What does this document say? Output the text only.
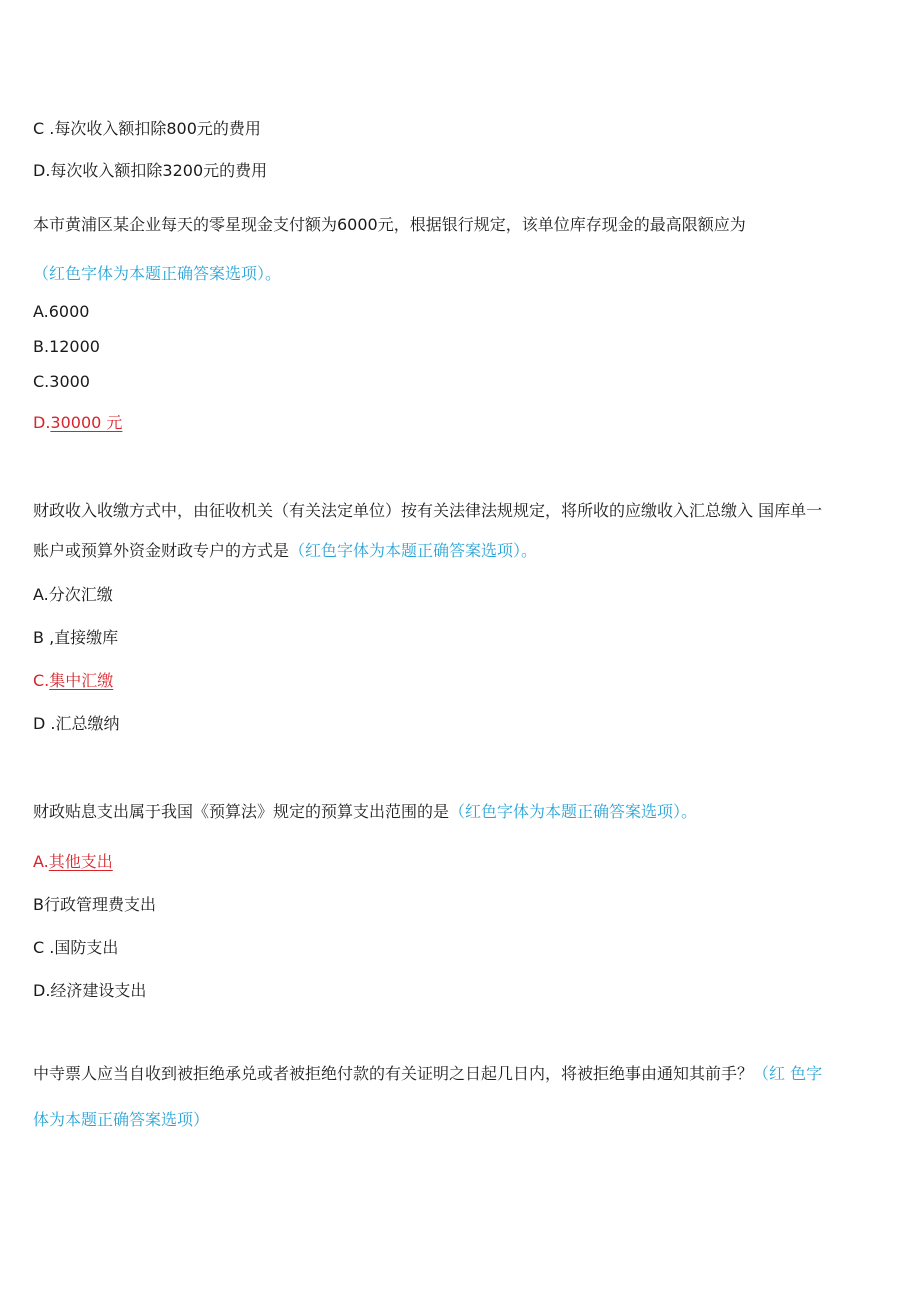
C .每次收入额扣除800元的费用
D.每次收入额扣除3200元的费用
本市黄浦区某企业每天的零星现金支付额为6000元，根据银行规定，该单位库存现金的最高限额应为
（红色字体为本题正确答案选项）。
A.6000
B.12000
C.3000
D.30000 元
财政收入收缴方式中，由征收机关（有关法定单位）按有关法律法规规定，将所收的应缴收入汇总缴入 国库单一
账户或预算外资金财政专户的方式是（红色字体为本题正确答案选项）。
A.分次汇缴
B ,直接缴库
C.集中汇缴
D .汇总缴纳
财政贴息支出属于我国《预算法》规定的预算支出范围的是（红色字体为本题正确答案选项）。
A.其他支出
B行政管理费支出
C .国防支出
D.经济建设支出
中寺票人应当自收到被拒绝承兑或者被拒绝付款的有关证明之日起几日内，将被拒绝事由通知其前手？（红 色字
体为本题正确答案选项）
